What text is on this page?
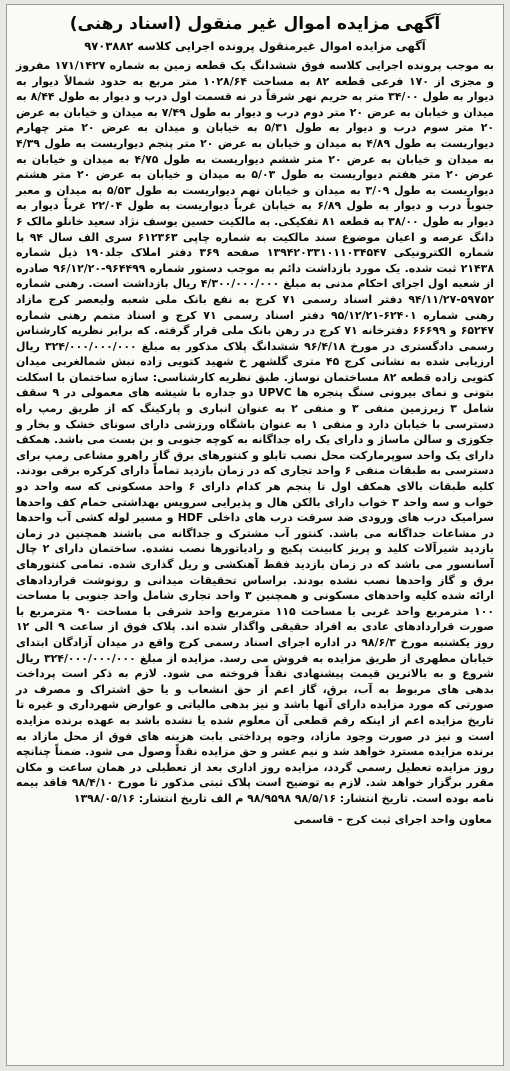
آگهی مزایده اموال غیر منقول (اسناد رهنی)
آگهی مزایده اموال غیرمنقول پرونده اجرایی کلاسه ۹۷۰۳۸۸۲

به موجب پرونده اجرایی کلاسه فوق ششدانگ یک قطعه زمین به شماره ۱۷۱/۱۴۲۷ مفروز و مجزی از ۱۷۰ فرعی قطعه ۸۲ به مساحت ۱۰۲۸/۶۴ متر مربع به حدود شمالاً دیوار به دیوار به طول ۳۴/۰۰ متر به حریم نهر شرقاً در نه قسمت اول درب و دیوار به طول ۸/۴۴ به میدان و خیابان به عرض ۲۰ متر دوم درب و دیوار به طول ۷/۴۹ به میدان و خیابان به عرض ۲۰ متر سوم درب و دیوار به طول ۵/۳۱ به خیابان و میدان به عرض ۲۰ متر چهارم دیواریست به طول ۴/۸۹ به میدان و خیابان به عرض ۲۰ متر پنجم دیواریست به طول ۴/۳۹ به میدان و خیابان به عرض ۲۰ متر ششم دیواریست به طول ۴/۷۵ به میدان و خیابان به عرض ۲۰ متر هفتم دیواریست به طول ۵/۰۳ به میدان و خیابان به عرض ۲۰ متر هشتم دیواریست به طول ۳/۰۹ به میدان و خیابان نهم دیواریست به طول ۵/۵۳ به میدان و معبر جنوباً درب و دیوار به طول ۶/۸۹ به خیابان غرباً دیواریست به طول ۲۲/۰۴ غرباً دیوار به دیوار به طول ۳۸/۰۰ به قطعه ۸۱ تفکیکی. به مالکیت حسین یوسف نژاد سعید خانلو مالک ۶ دانگ عرصه و اعیان موضوع سند مالکیت به شماره چاپی ۶۱۲۳۶۳ سری الف سال ۹۴ با شماره الکترونیکی ۱۳۹۴۲۰۳۳۱۰۱۱۰۳۴۵۴۷ صفحه ۳۶۹ دفتر املاک جلد۱۹۰ ذیل شماره ۲۱۴۳۸ ثبت شده. یک مورد بازداشت دائم به موجب دستور شماره ۹۶۴۴۹۹-۹۶/۱۲/۲۰ صادره از شعبه اول اجرای احکام مدنی به مبلغ ۴/۳۰۰/۰۰۰/۰۰۰ ریال بازداشت است. رهنی شماره ۵۹۷۵۲-۹۴/۱۱/۲۷ دفتر اسناد رسمی ۷۱ کرج به نفع بانک ملی شعبه ولیعصر کرج مازاد رهنی شماره ۶۲۴۰۱-۹۵/۱۲/۲۱ دفتر اسناد رسمی ۷۱ کرج و اسناد متمم رهنی شماره ۶۵۲۴۷ و ۶۶۶۹۹ دفترخانه ۷۱ کرج در رهن بانک ملی قرار گرفته. که برابر نظریه کارشناس رسمی دادگستری در مورخ ۹۶/۴/۱۸ ششدانگ پلاک مذکور به مبلغ ۳۲۴/۰۰۰/۰۰۰/۰۰۰ ریال ارزیابی شده به نشانی کرج ۴۵ متری گلشهر خ شهید کتویی زاده نبش شمالغربی میدان کتویی زاده قطعه ۸۲ مساختمان نوساز. طبق نظریه کارشناسی: سازه ساختمان با اسکلت بتونی و نمای بیرونی سنگ پنجره ها UPVC دو جداره با شیشه های معمولی در ۹ سقف شامل ۳ زیرزمین منفی ۳ و منفی ۲ به عنوان انباری و پارکینگ که از طریق رمپ راه دسترسی با خیابان دارد و منفی ۱ به عنوان باشگاه ورزشی دارای سونای خشک و بخار و جکوزی و سالن ماساژ و دارای یک راه جداگانه به کوچه جنوبی و بن بست می باشد. همکف دارای یک واحد سوپرمارکت محل نصب تابلو و کنتورهای برق گاز راهرو مشاعی رمپ برای دسترسی به طبقات منفی ۶ واحد تجاری که در زمان بازدید تماماً دارای کرکره برقی بودند. کلیه طبقات بالای همکف اول تا پنجم هر کدام دارای ۶ واحد مسکونی که سه واحد دو خواب و سه واحد ۳ خواب دارای بالکن هال و پذیرایی سرویس بهداشتی حمام کف واحدها سرامیک درب های ورودی ضد سرقت درب های داخلی HDF و مسیر لوله کشی آب واحدها در مشاعات جداگانه می باشد. کنتور آب مشترک و جداگانه می باشند همچنین در زمان بازدید شیرآلات کلید و پریز کابینت پکیج و رادیاتورها نصب نشده. ساختمان دارای ۲ چال آسانسور می باشد که در زمان بازدید فقط آهنکشی و ریل گذاری شده. تمامی کنتورهای برق و گاز واحدها نصب نشده بودند. براساس تحقیقات میدانی و رونوشت قراردادهای ارائه شده کلیه واحدهای مسکونی و همچنین ۳ واحد تجاری شامل واحد جنوبی با مساحت ۱۰۰ مترمربع واحد غربی با مساحت ۱۱۵ مترمربع واحد شرقی با مساحت ۹۰ مترمربع با صورت قراردادهای عادی به افراد حقیقی واگذار شده اند. پلاک فوق از ساعت ۹ الی ۱۲ روز یکشنبه مورخ ۹۸/۶/۳ در اداره اجرای اسناد رسمی کرج واقع در میدان آزادگان ابتدای خیابان مطهری از طریق مزایده به فروش می رسد. مزایده از مبلغ ۳۲۴/۰۰۰/۰۰۰/۰۰۰ ریال شروع و به بالاترین قیمت پیشنهادی نقداً فروخته می شود. لازم به ذکر است پرداخت بدهی های مربوط به آب، برق، گاز اعم از حق انشعاب و یا حق اشتراک و مصرف در صورتی که مورد مزایده دارای آنها باشد و نیز بدهی مالیاتی و عوارض شهرداری و غیره تا تاریخ مزایده اعم از اینکه رقم قطعی آن معلوم شده یا نشده باشد به عهده برنده مزایده است و نیز در صورت وجود مازاد، وجوه پرداختی بابت هزینه های فوق از محل مازاد به برنده مزایده مسترد خواهد شد و نیم عشر و حق مزایده نقداً وصول می شود. ضمناً چنانچه روز مزایده تعطیل رسمی گردد، مزایده روز اداری بعد از تعطیلی در همان ساعت و مکان مقرر برگزار خواهد شد. لازم به توضیح است پلاک ثبتی مذکور تا مورخ ۹۸/۴/۱۰ فاقد بیمه نامه بوده است. تاریخ انتشار: ۹۸/۵/۱۶ ۹۸/۹۵۹۸ م الف تاریخ انتشار: ۱۳۹۸/۰۵/۱۶

معاون واحد اجرای ثبت کرج - قاسمی
